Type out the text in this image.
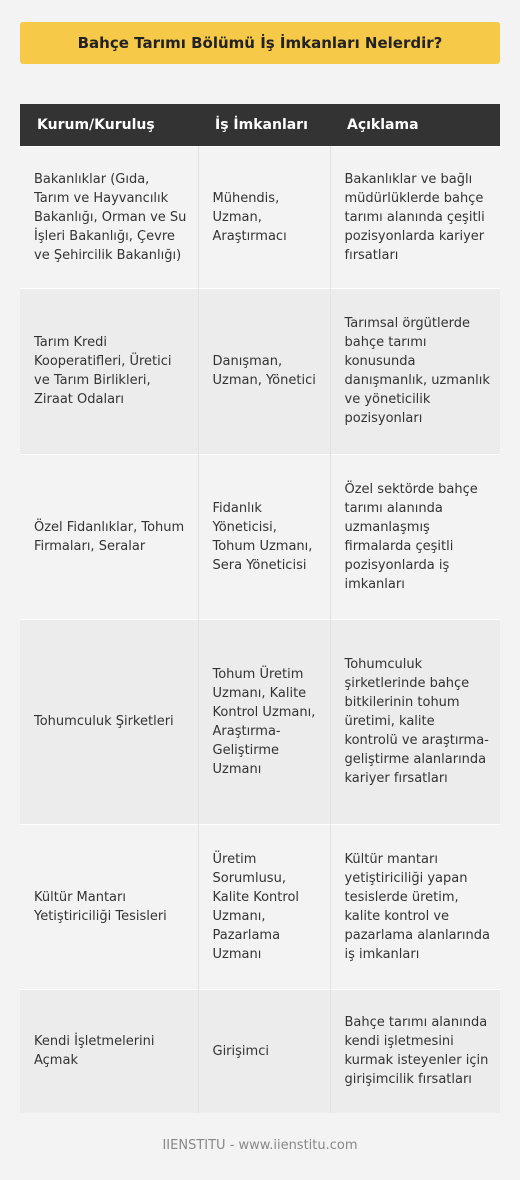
Bahçe Tarımı Bölümü İş İmkanları Nelerdir?
Kurum/Kuruluş	İş İmkanları	Açıklama
Bakanlıklar (Gıda, Tarım ve Hayvancılık Bakanlığı, Orman ve Su İşleri Bakanlığı, Çevre ve Şehircilik Bakanlığı)	Mühendis, Uzman, Araştırmacı	Bakanlıklar ve bağlı müdürlüklerde bahçe tarımı alanında çeşitli pozisyonlarda kariyer fırsatları
Tarım Kredi Kooperatifleri, Üretici ve Tarım Birlikleri, Ziraat Odaları	Danışman, Uzman, Yönetici	Tarımsal örgütlerde bahçe tarımı konusunda danışmanlık, uzmanlık ve yöneticilik pozisyonları
Özel Fidanlıklar, Tohum Firmaları, Seralar	Fidanlık Yöneticisi, Tohum Uzmanı, Sera Yöneticisi	Özel sektörde bahçe tarımı alanında uzmanlaşmış firmalarda çeşitli pozisyonlarda iş imkanları
Tohumculuk Şirketleri	Tohum Üretim Uzmanı, Kalite Kontrol Uzmanı, Araştırma-Geliştirme Uzmanı	Tohumculuk şirketlerinde bahçe bitkilerinin tohum üretimi, kalite kontrolü ve araştırma-geliştirme alanlarında kariyer fırsatları
Kültür Mantarı Yetiştiriciliği Tesisleri	Üretim Sorumlusu, Kalite Kontrol Uzmanı, Pazarlama Uzmanı	Kültür mantarı yetiştiriciliği yapan tesislerde üretim, kalite kontrol ve pazarlama alanlarında iş imkanları
Kendi İşletmelerini Açmak	Girişimci	Bahçe tarımı alanında kendi işletmesini kurmak isteyenler için girişimcilik fırsatları
IIENSTITU - www.iienstitu.com
